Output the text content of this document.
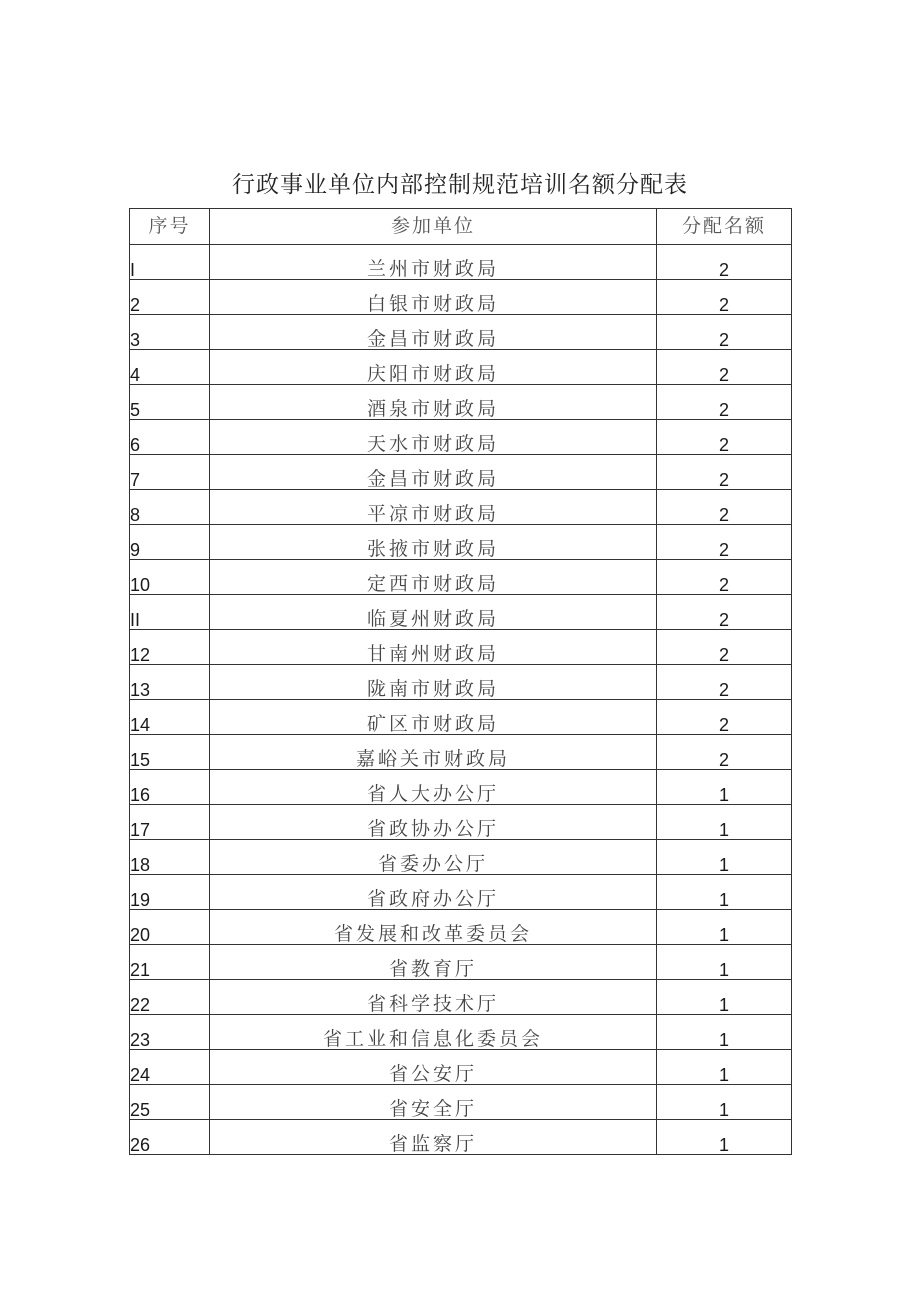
行政事业单位内部控制规范培训名额分配表
序号	参加单位	分配名额
I	兰州市财政局	2
2	白银市财政局	2
3	金昌市财政局	2
4	庆阳市财政局	2
5	酒泉市财政局	2
6	天水市财政局	2
7	金昌市财政局	2
8	平凉市财政局	2
9	张掖市财政局	2
10	定西市财政局	2
II	临夏州财政局	2
12	甘南州财政局	2
13	陇南市财政局	2
14	矿区市财政局	2
15	嘉峪关市财政局	2
16	省人大办公厅	1
17	省政协办公厅	1
18	省委办公厅	1
19	省政府办公厅	1
20	省发展和改革委员会	1
21	省教育厅	1
22	省科学技术厅	1
23	省工业和信息化委员会	1
24	省公安厅	1
25	省安全厅	1
26	省监察厅	1
